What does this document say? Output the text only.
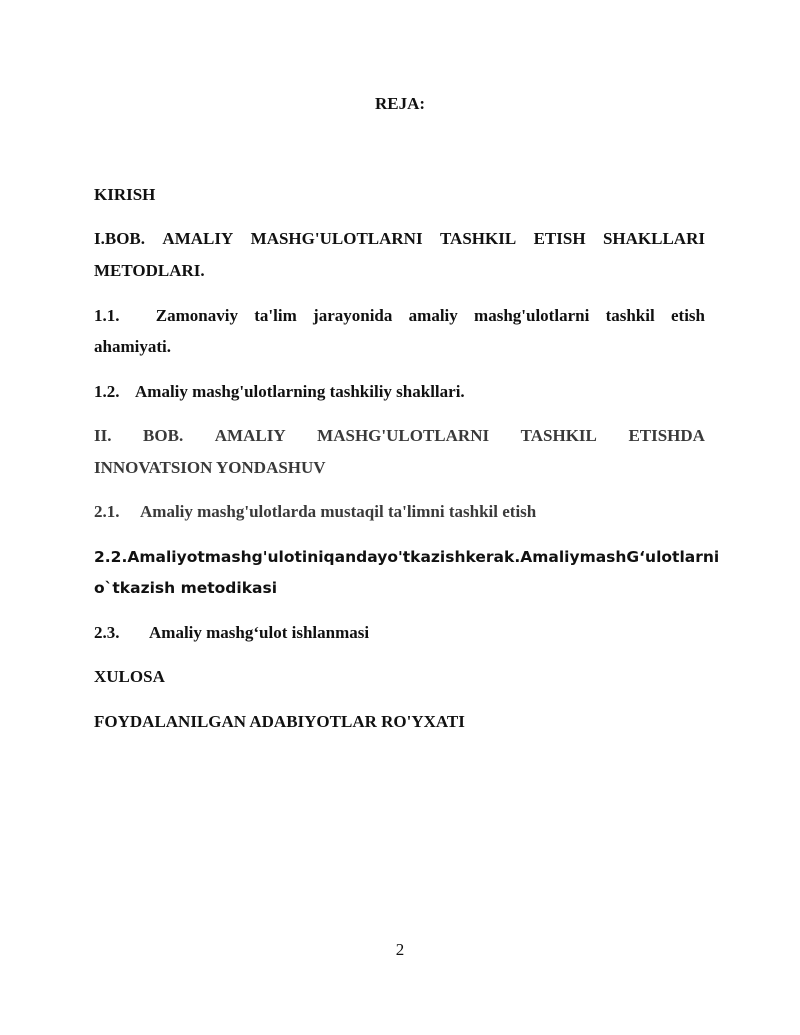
REJA:
KIRISH
I.BOB. AMALIY MASHG'ULOTLARNI TASHKIL ETISH SHAKLLARI
METODLARI.
1.1. Zamonaviy ta'lim jarayonida amaliy mashg'ulotlarni tashkil etish
ahamiyati.
1.2. Amaliy mashg'ulotlarning tashkiliy shakllari.
II. BOB. AMALIY MASHG'ULOTLARNI TASHKIL ETISHDA
INNOVATSION YONDASHUV
2.1. Amaliy mashg'ulotlarda mustaqil ta'limni tashkil etish
2.2. Amaliyot mashg'ulotini qanday o'tkazish kerak. Amaliy mashG‘ulotlarni
o`tkazish metodikasi
2.3. Amaliy mashg‘ulot ishlanmasi
XULOSA
FOYDALANILGAN ADABIYOTLAR RO'YXATI
2
